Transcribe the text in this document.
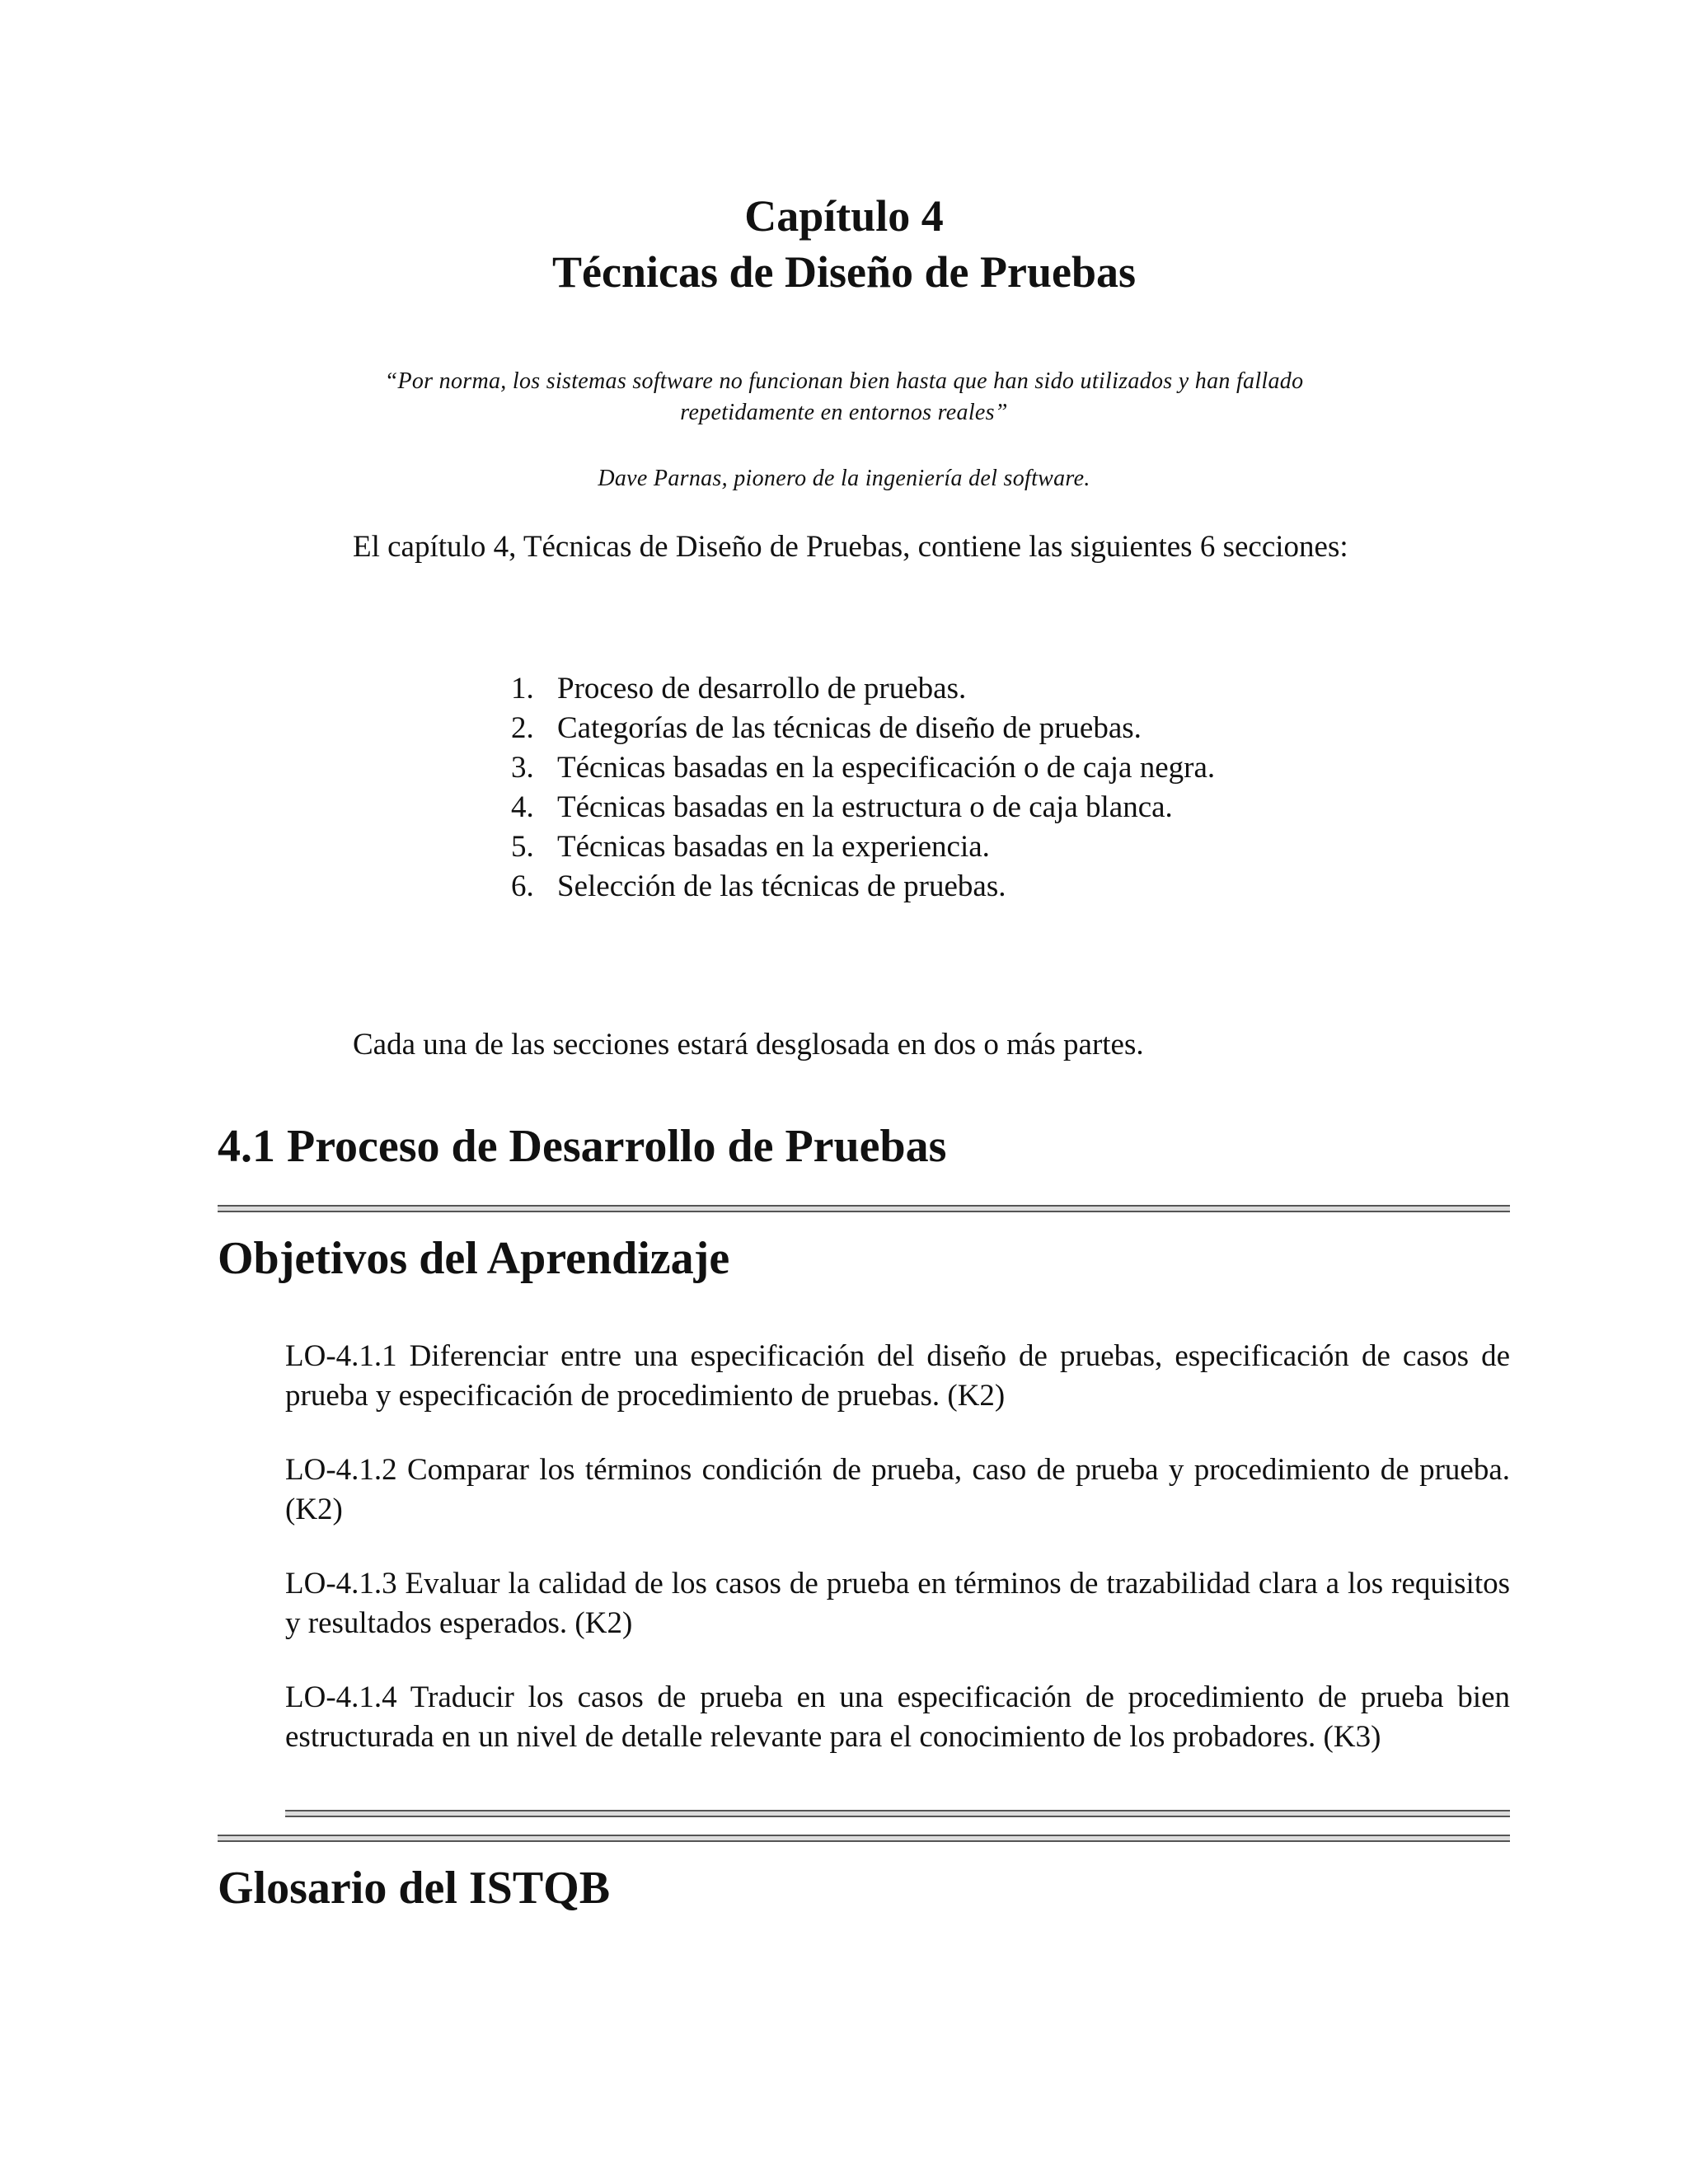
Capítulo 4
Técnicas de Diseño de Pruebas
“Por norma, los sistemas software no funcionan bien hasta que han sido utilizados y han fallado
repetidamente en entornos reales”
Dave Parnas, pionero de la ingeniería del software.
El capítulo 4, Técnicas de Diseño de Pruebas, contiene las siguientes 6 secciones:
1. Proceso de desarrollo de pruebas.
2. Categorías de las técnicas de diseño de pruebas.
3. Técnicas basadas en la especificación o de caja negra.
4. Técnicas basadas en la estructura o de caja blanca.
5. Técnicas basadas en la experiencia.
6. Selección de las técnicas de pruebas.
Cada una de las secciones estará desglosada en dos o más partes.
4.1 Proceso de Desarrollo de Pruebas
Objetivos del Aprendizaje
LO-4.1.1 Diferenciar entre una especificación del diseño de pruebas, especificación de casos de prueba y especificación de procedimiento de pruebas. (K2)
LO-4.1.2 Comparar los términos condición de prueba, caso de prueba y procedimiento de prueba. (K2)
LO-4.1.3 Evaluar la calidad de los casos de prueba en términos de trazabilidad clara a los requisitos y resultados esperados. (K2)
LO-4.1.4 Traducir los casos de prueba en una especificación de procedimiento de prueba bien estructurada en un nivel de detalle relevante para el conocimiento de los probadores. (K3)
Glosario del ISTQB
